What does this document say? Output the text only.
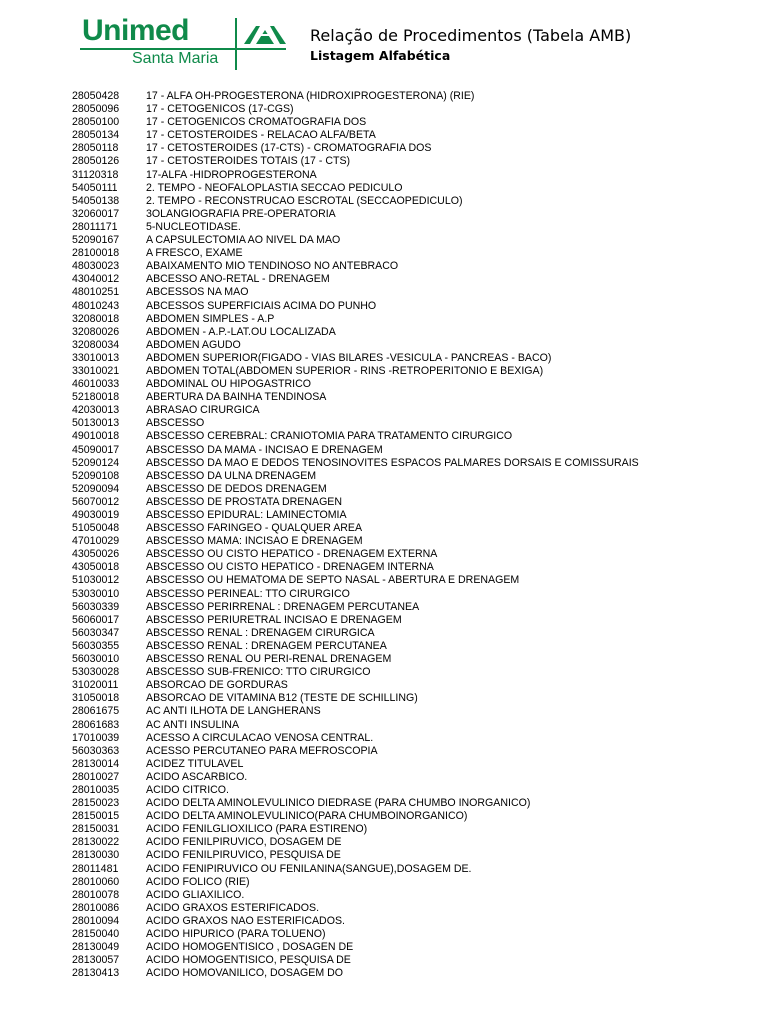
Unimed
Santa Maria
Relação de Procedimentos (Tabela AMB)
Listagem Alfabética
28050428	17 - ALFA OH-PROGESTERONA (HIDROXIPROGESTERONA) (RIE)
28050096	17 - CETOGENICOS (17-CGS)
28050100	17 - CETOGENICOS CROMATOGRAFIA DOS
28050134	17 - CETOSTEROIDES - RELACAO ALFA/BETA
28050118	17 - CETOSTEROIDES (17-CTS) - CROMATOGRAFIA DOS
28050126	17 - CETOSTEROIDES TOTAIS (17 - CTS)
31120318	17-ALFA -HIDROPROGESTERONA
54050111	2. TEMPO - NEOFALOPLASTIA SECCAO PEDICULO
54050138	2. TEMPO - RECONSTRUCAO ESCROTAL (SECCAOPEDICULO)
32060017	3OLANGIOGRAFIA PRE-OPERATORIA
28011171	5-NUCLEOTIDASE.
52090167	A CAPSULECTOMIA AO NIVEL DA MAO
28100018	A FRESCO, EXAME
48030023	ABAIXAMENTO MIO TENDINOSO NO ANTEBRACO
43040012	ABCESSO ANO-RETAL - DRENAGEM
48010251	ABCESSOS NA MAO
48010243	ABCESSOS SUPERFICIAIS ACIMA DO PUNHO
32080018	ABDOMEN SIMPLES - A.P
32080026	ABDOMEN - A.P.-LAT.OU LOCALIZADA
32080034	ABDOMEN AGUDO
33010013	ABDOMEN SUPERIOR(FIGADO - VIAS BILARES -VESICULA - PANCREAS - BACO)
33010021	ABDOMEN TOTAL(ABDOMEN SUPERIOR - RINS -RETROPERITONIO E BEXIGA)
46010033	ABDOMINAL OU HIPOGASTRICO
52180018	ABERTURA DA BAINHA TENDINOSA
42030013	ABRASAO CIRURGICA
50130013	ABSCESSO
49010018	ABSCESSO CEREBRAL: CRANIOTOMIA PARA TRATAMENTO CIRURGICO
45090017	ABSCESSO DA MAMA - INCISAO E DRENAGEM
52090124	ABSCESSO DA MAO E DEDOS TENOSINOVITES ESPACOS PALMARES DORSAIS E COMISSURAIS
52090108	ABSCESSO DA ULNA DRENAGEM
52090094	ABSCESSO DE DEDOS DRENAGEM
56070012	ABSCESSO DE PROSTATA DRENAGEN
49030019	ABSCESSO EPIDURAL: LAMINECTOMIA
51050048	ABSCESSO FARINGEO - QUALQUER AREA
47010029	ABSCESSO MAMA: INCISAO E DRENAGEM
43050026	ABSCESSO OU CISTO HEPATICO - DRENAGEM EXTERNA
43050018	ABSCESSO OU CISTO HEPATICO - DRENAGEM INTERNA
51030012	ABSCESSO OU HEMATOMA DE SEPTO NASAL - ABERTURA E DRENAGEM
53030010	ABSCESSO PERINEAL: TTO CIRURGICO
56030339	ABSCESSO PERIRRENAL : DRENAGEM PERCUTANEA
56060017	ABSCESSO PERIURETRAL INCISAO E DRENAGEM
56030347	ABSCESSO RENAL : DRENAGEM CIRURGICA
56030355	ABSCESSO RENAL : DRENAGEM PERCUTANEA
56030010	ABSCESSO RENAL OU PERI-RENAL DRENAGEM
53030028	ABSCESSO SUB-FRENICO: TTO CIRURGICO
31020011	ABSORCAO DE GORDURAS
31050018	ABSORCAO DE VITAMINA B12 (TESTE DE SCHILLING)
28061675	AC ANTI ILHOTA DE LANGHERANS
28061683	AC ANTI INSULINA
17010039	ACESSO A CIRCULACAO VENOSA CENTRAL.
56030363	ACESSO PERCUTANEO PARA MEFROSCOPIA
28130014	ACIDEZ TITULAVEL
28010027	ACIDO ASCARBICO.
28010035	ACIDO CITRICO.
28150023	ACIDO DELTA AMINOLEVULINICO DIEDRASE (PARA CHUMBO INORGANICO)
28150015	ACIDO DELTA AMINOLEVULINICO(PARA CHUMBOINORGANICO)
28150031	ACIDO FENILGLIOXILICO (PARA ESTIRENO)
28130022	ACIDO FENILPIRUVICO, DOSAGEM DE
28130030	ACIDO FENILPIRUVICO, PESQUISA DE
28011481	ACIDO FENIPIRUVICO OU FENILANINA(SANGUE),DOSAGEM DE.
28010060	ACIDO FOLICO (RIE)
28010078	ACIDO GLIAXILICO.
28010086	ACIDO GRAXOS ESTERIFICADOS.
28010094	ACIDO GRAXOS NAO ESTERIFICADOS.
28150040	ACIDO HIPURICO (PARA TOLUENO)
28130049	ACIDO HOMOGENTISICO , DOSAGEN DE
28130057	ACIDO HOMOGENTISICO, PESQUISA DE
28130413	ACIDO HOMOVANILICO, DOSAGEM DO
